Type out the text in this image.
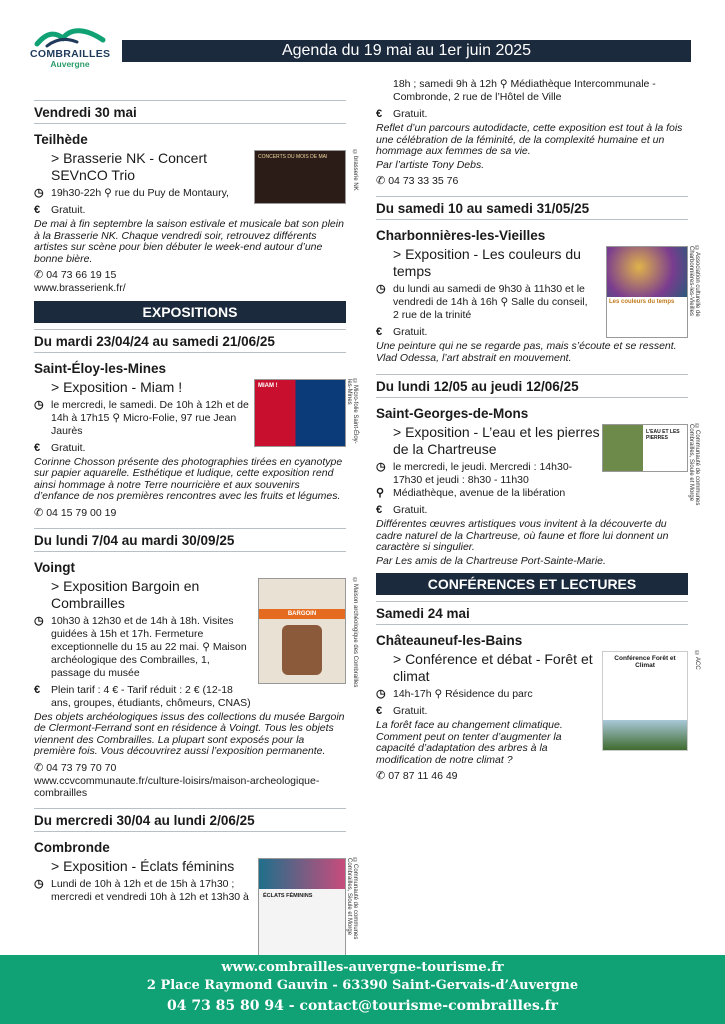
COMBRAILLES
Auvergne
Agenda du 19 mai au 1er juin 2025
Vendredi 30 mai
Teilhède
CONCERTS DU MOIS DE MAI	©brasserie NK
> Brasserie NK - Concert SEVnCO Trio
◷ 19h30-22h ⚲ rue du Puy de Montaury,
€ Gratuit.

De mai à fin septembre la saison estivale et musicale bat son plein à la Brasserie NK. Chaque vendredi soir, retrouvez différents artistes sur scène pour bien débuter le week-end autour d’une bonne bière.

✆ 04 73 66 19 15
www.brasserienk.fr/
EXPOSITIONS
Du mardi 23/04/24 au samedi 21/06/25
Saint-Éloy-les-Mines
MIAM !	©Micro-folie Saint-Éloy-les-Mines
> Exposition - Miam !
◷ le mercredi, le samedi. De 10h à 12h et de 14h à 17h15 ⚲ Micro-Folie, 97 rue Jean Jaurès
€ Gratuit.

Corinne Chosson présente des photographies tirées en cyanotype sur papier aquarelle. Esthétique et ludique, cette exposition rend ainsi hommage à notre Terre nourricière et aux souvenirs d’enfance de nos premières rencontres avec les fruits et légumes.

✆ 04 15 79 00 19
Du lundi 7/04 au mardi 30/09/25
Voingt
BARGOIN	©Maison archéologique des Combrailles
> Exposition Bargoin en Combrailles
◷ 10h30 à 12h30 et de 14h à 18h. Visites guidées à 15h et 17h. Fermeture exceptionnelle du 15 au 22 mai. ⚲ Maison archéologique des Combrailles, 1, passage du musée
€ Plein tarif : 4 € - Tarif réduit : 2 € (12-18 ans, groupes, étudiants, chômeurs, CNAS)

Des objets archéologiques issus des collections du musée Bargoin de Clermont-Ferrand sont en résidence à Voingt. Tous les objets viennent des Combrailles. La plupart sont exposés pour la première fois. Vous découvrirez aussi l’exposition permanente.

✆ 04 73 79 70 70
www.ccvcommunaute.fr/culture-loisirs/maison-archeologique-combrailles
Du mercredi 30/04 au lundi 2/06/25
Combronde
ÉCLATS FÉMININS	©Communauté de communes Combrailles, Sioule et Morge
> Exposition - Éclats féminins
◷ Lundi de 10h à 12h et de 15h à 17h30 ; mercredi et vendredi 10h à 12h et 13h30 à
18h ; samedi 9h à 12h ⚲ Médiathèque Intercommunale - Combronde, 2 rue de l’Hôtel de Ville
€ Gratuit.

Reflet d’un parcours autodidacte, cette exposition est tout à la fois une célébration de la féminité, de la complexité humaine et un hommage aux femmes de sa vie.

Par l’artiste Tony Debs.

✆ 04 73 33 35 76
Du samedi 10 au samedi 31/05/25
Charbonnières-les-Vieilles
Les couleurs du temps	©Association culturelle de Charbonnières-les-Vieilles
> Exposition - Les couleurs du temps
◷ du lundi au samedi de 9h30 à 11h30 et le vendredi de 14h à 16h ⚲ Salle du conseil, 2 rue de la trinité
€ Gratuit.

Une peinture qui ne se regarde pas, mais s’écoute et se ressent. Vlad Odessa, l’art abstrait en mouvement.

Du lundi 12/05 au jeudi 12/06/25
Saint-Georges-de-Mons
L’EAU ET LES PIERRES	©Communauté de communes Combrailles, Sioule et Morge
> Exposition - L’eau et les pierres de la Chartreuse
◷ le mercredi, le jeudi. Mercredi : 14h30-17h30 et jeudi : 8h30 - 11h30
⚲ Médiathèque, avenue de la libération
€ Gratuit.

Différentes œuvres artistiques vous invitent à la découverte du cadre naturel de la Chartreuse, où faune et flore lui donnent un caractère si singulier.

Par Les amis de la Chartreuse Port-Sainte-Marie.

CONFÉRENCES ET LECTURES
Samedi 24 mai
Châteauneuf-les-Bains
Conférence Forêt et Climat	©ACC
> Conférence et débat - Forêt et climat
◷ 14h-17h ⚲ Résidence du parc
€ Gratuit.

La forêt face au changement climatique. Comment peut on tenter d’augmenter la capacité d’adaptation des arbres à la modification de notre climat ?

✆ 07 87 11 46 49
www.combrailles-auvergne-tourisme.fr
2 Place Raymond Gauvin - 63390 Saint-Gervais-d’Auvergne
04 73 85 80 94 - contact@tourisme-combrailles.fr
